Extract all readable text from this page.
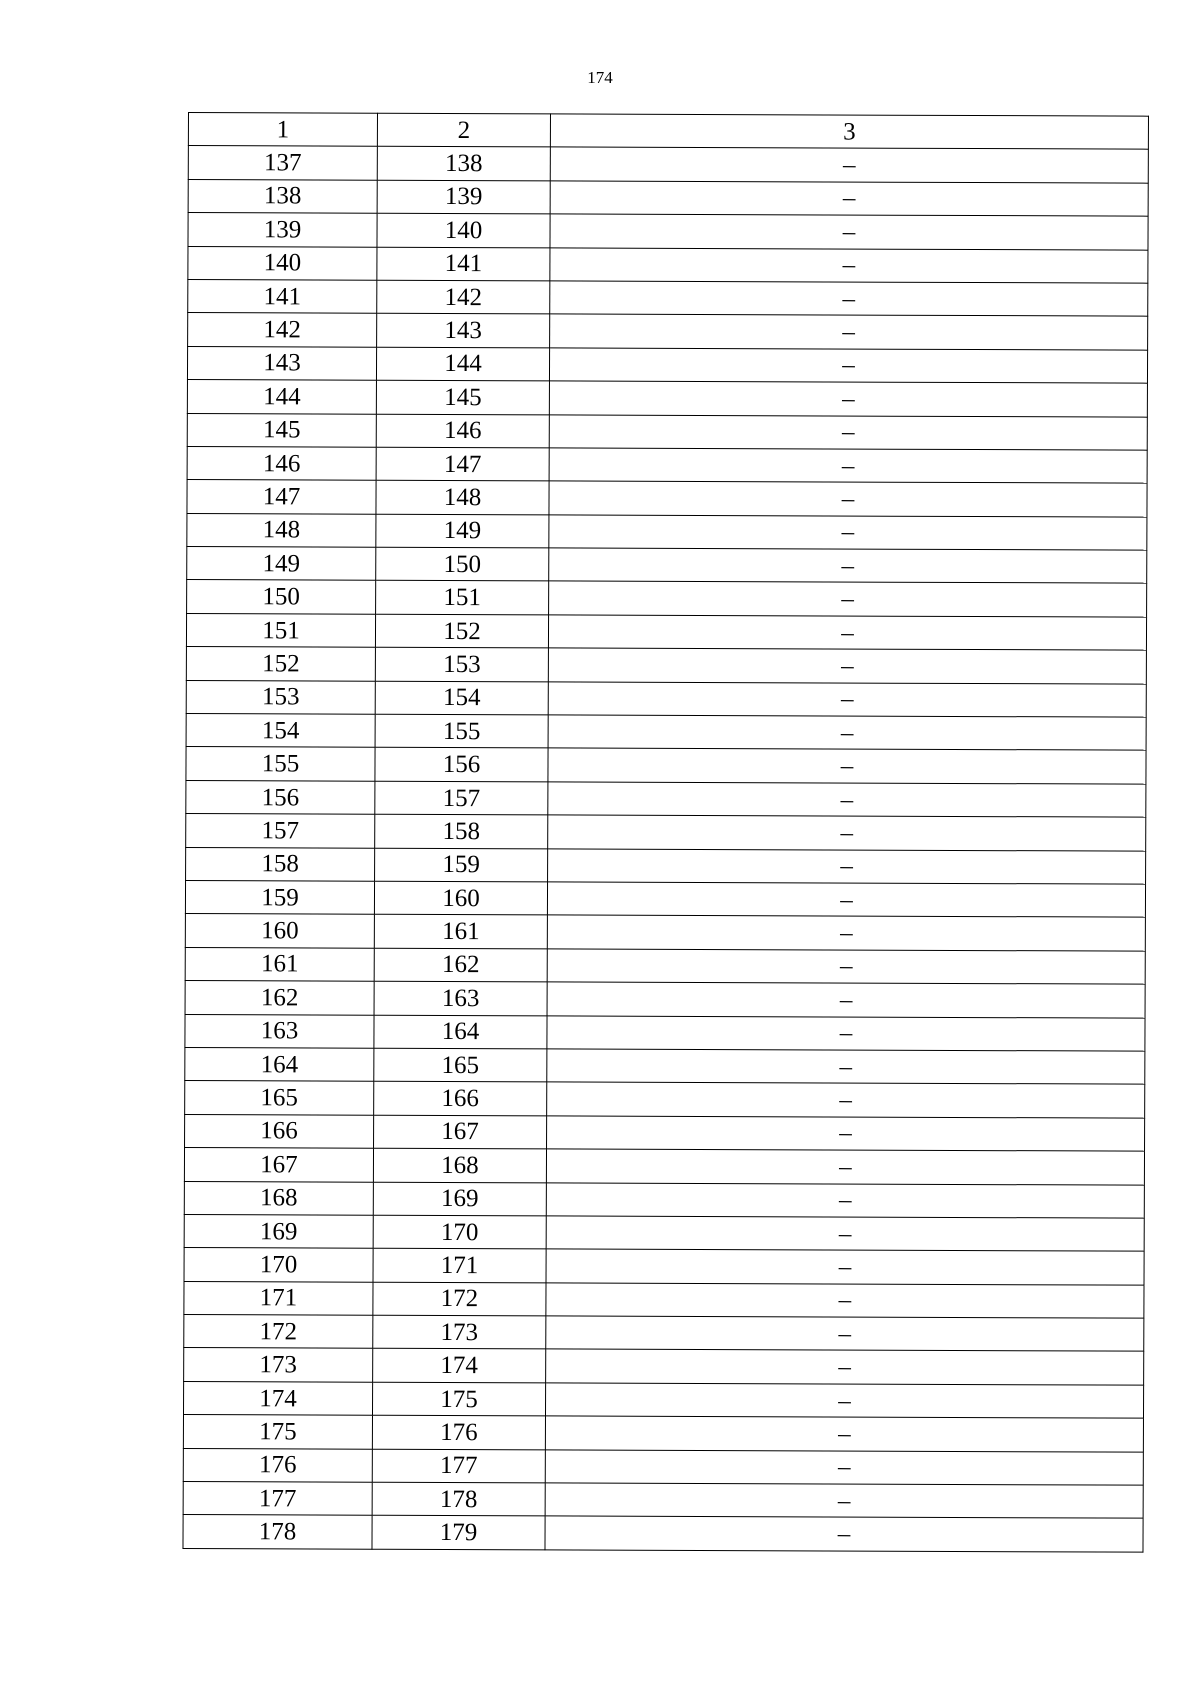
174
1	2	3
137	138	–
138	139	–
139	140	–
140	141	–
141	142	–
142	143	–
143	144	–
144	145	–
145	146	–
146	147	–
147	148	–
148	149	–
149	150	–
150	151	–
151	152	–
152	153	–
153	154	–
154	155	–
155	156	–
156	157	–
157	158	–
158	159	–
159	160	–
160	161	–
161	162	–
162	163	–
163	164	–
164	165	–
165	166	–
166	167	–
167	168	–
168	169	–
169	170	–
170	171	–
171	172	–
172	173	–
173	174	–
174	175	–
175	176	–
176	177	–
177	178	–
178	179	–
